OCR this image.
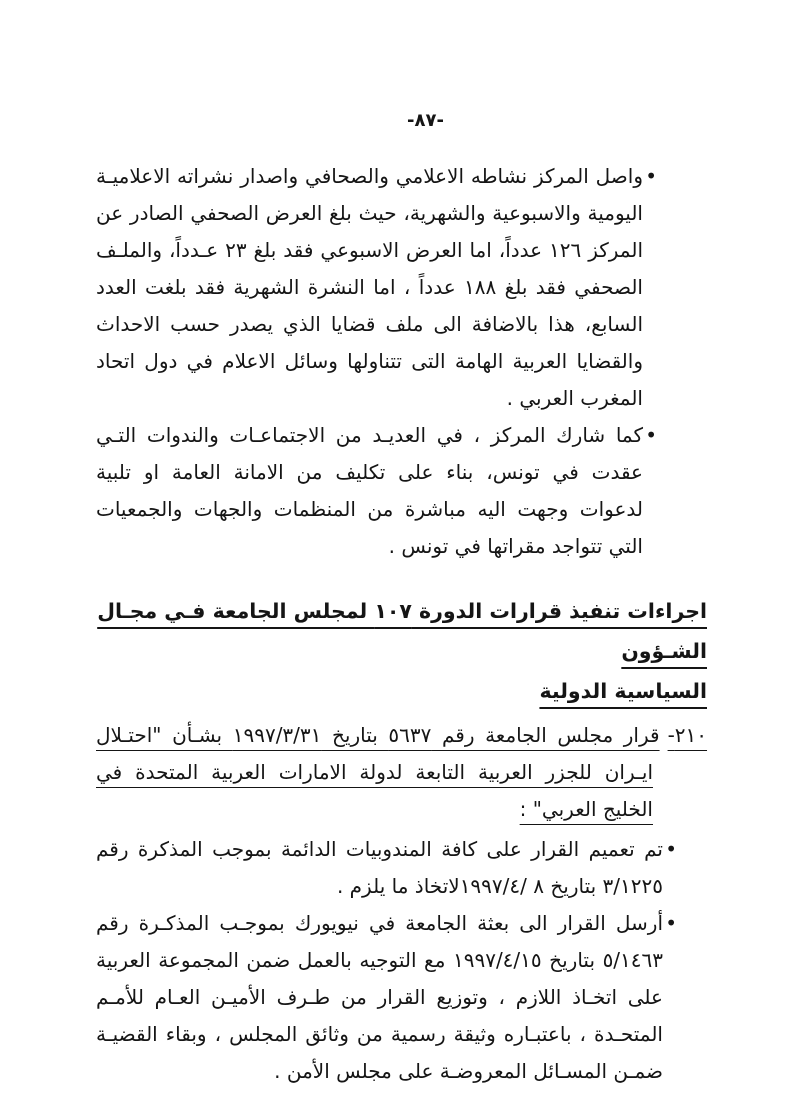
-٨٧-
•
واصل المركز نشاطه الاعلامي والصحافي واصدار نشراته الاعلاميـة اليومية والاسبوعية والشهرية، حيث بلغ العرض الصحفي الصادر عن المركز ١٢٦ عدداً، اما العرض الاسبوعي فقد بلغ ٢٣ عـدداً، والملـف الصحفي فقد بلغ ١٨٨ عدداً ، اما النشرة الشهرية فقد بلغت العدد السابع، هذا بالاضافة الى ملف قضايا الذي يصدر حسب الاحداث والقضايا العربية الهامة التى تتناولها وسائل الاعلام في دول اتحاد المغرب العربي .
•
كما شارك المركز ، في العديـد من الاجتماعـات والندوات التـي عقدت في تونس، بناء على تكليف من الامانة العامة او تلبية لدعوات وجهت اليه مباشرة من المنظمات والجهات والجمعيات التي تتواجد مقراتها في تونس .
اجراءات تنفيذ قرارات الدورة ١٠٧ لمجلس الجامعة فـي مجـال الشـؤون
السياسية الدولية
٢١٠-قرار مجلس الجامعة رقم ٥٦٣٧ بتاريخ ١٩٩٧/٣/٣١ بشـأن "احتـلال ايـران للجزر العربية التابعة لدولة الامارات العربية المتحدة في الخليج العربي" :
•
تم تعميم القرار على كافة المندوبيات الدائمة بموجب المذكرة رقم ٣/١٢٢٥ بتاريخ ٨ /١٩٩٧/٤لاتخاذ ما يلزم .
•
أرسل القرار الى بعثة الجامعة في نيويورك بموجـب المذكـرة رقم ٥/١٤٦٣ بتاريخ ١٩٩٧/٤/١٥ مع التوجيه بالعمل ضمن المجموعة العربية على اتخـاذ اللازم ، وتوزيع القرار من طـرف الأميـن العـام للأمـم المتحـدة ، باعتبـاره وثيقة رسمية من وثائق المجلس ، وبقاء القضيـة ضمـن المسـائل المعروضـة على مجلس الأمن .
